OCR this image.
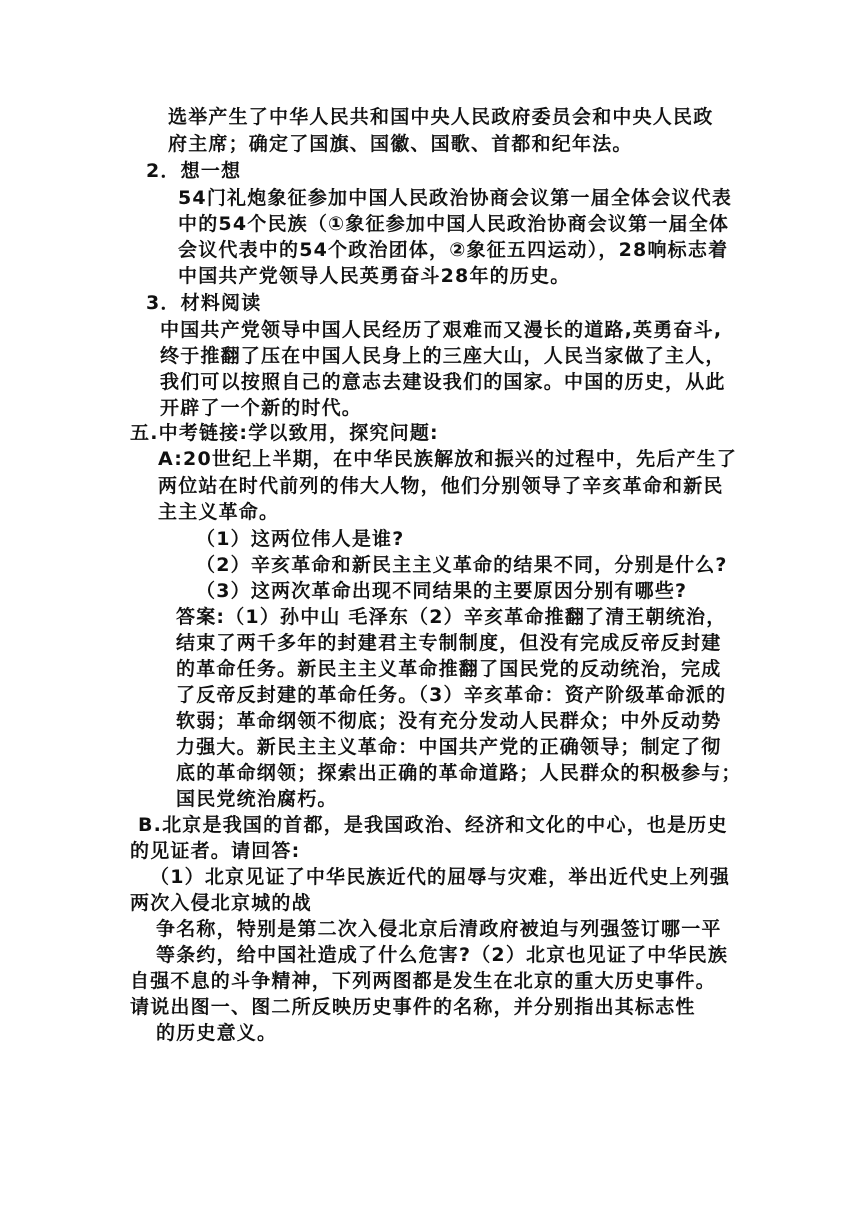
选举产生了中华人民共和国中央人民政府委员会和中央人民政
府主席；确定了国旗、国徽、国歌、首都和纪年法。
2．想一想
54门礼炮象征参加中国人民政治协商会议第一届全体会议代表
中的54个民族（①象征参加中国人民政治协商会议第一届全体
会议代表中的54个政治团体，②象征五四运动），28响标志着
中国共产党领导人民英勇奋斗28年的历史。
3．材料阅读
中国共产党领导中国人民经历了艰难而又漫长的道路,英勇奋斗,
终于推翻了压在中国人民身上的三座大山，人民当家做了主人，
我们可以按照自己的意志去建设我们的国家。中国的历史，从此
开辟了一个新的时代。
五.中考链接:学以致用，探究问题:
A:20世纪上半期，在中华民族解放和振兴的过程中，先后产生了
两位站在时代前列的伟大人物，他们分别领导了辛亥革命和新民
主主义革命。
（1）这两位伟人是谁?
（2）辛亥革命和新民主主义革命的结果不同，分别是什么?
（3）这两次革命出现不同结果的主要原因分别有哪些?
答案:（1）孙中山 毛泽东（2）辛亥革命推翻了清王朝统治，
结束了两千多年的封建君主专制制度，但没有完成反帝反封建
的革命任务。新民主主义革命推翻了国民党的反动统治，完成
了反帝反封建的革命任务。（3）辛亥革命：资产阶级革命派的
软弱；革命纲领不彻底；没有充分发动人民群众；中外反动势
力强大。新民主主义革命：中国共产党的正确领导；制定了彻
底的革命纲领；探索出正确的革命道路；人民群众的积极参与；
国民党统治腐朽。
B.北京是我国的首都，是我国政治、经济和文化的中心，也是历史
的见证者。请回答:
（1）北京见证了中华民族近代的屈辱与灾难，举出近代史上列强
两次入侵北京城的战
争名称，特别是第二次入侵北京后清政府被迫与列强签订哪一平
等条约，给中国社造成了什么危害?（2）北京也见证了中华民族
自强不息的斗争精神，下列两图都是发生在北京的重大历史事件。
请说出图一、图二所反映历史事件的名称，并分别指出其标志性
的历史意义。
